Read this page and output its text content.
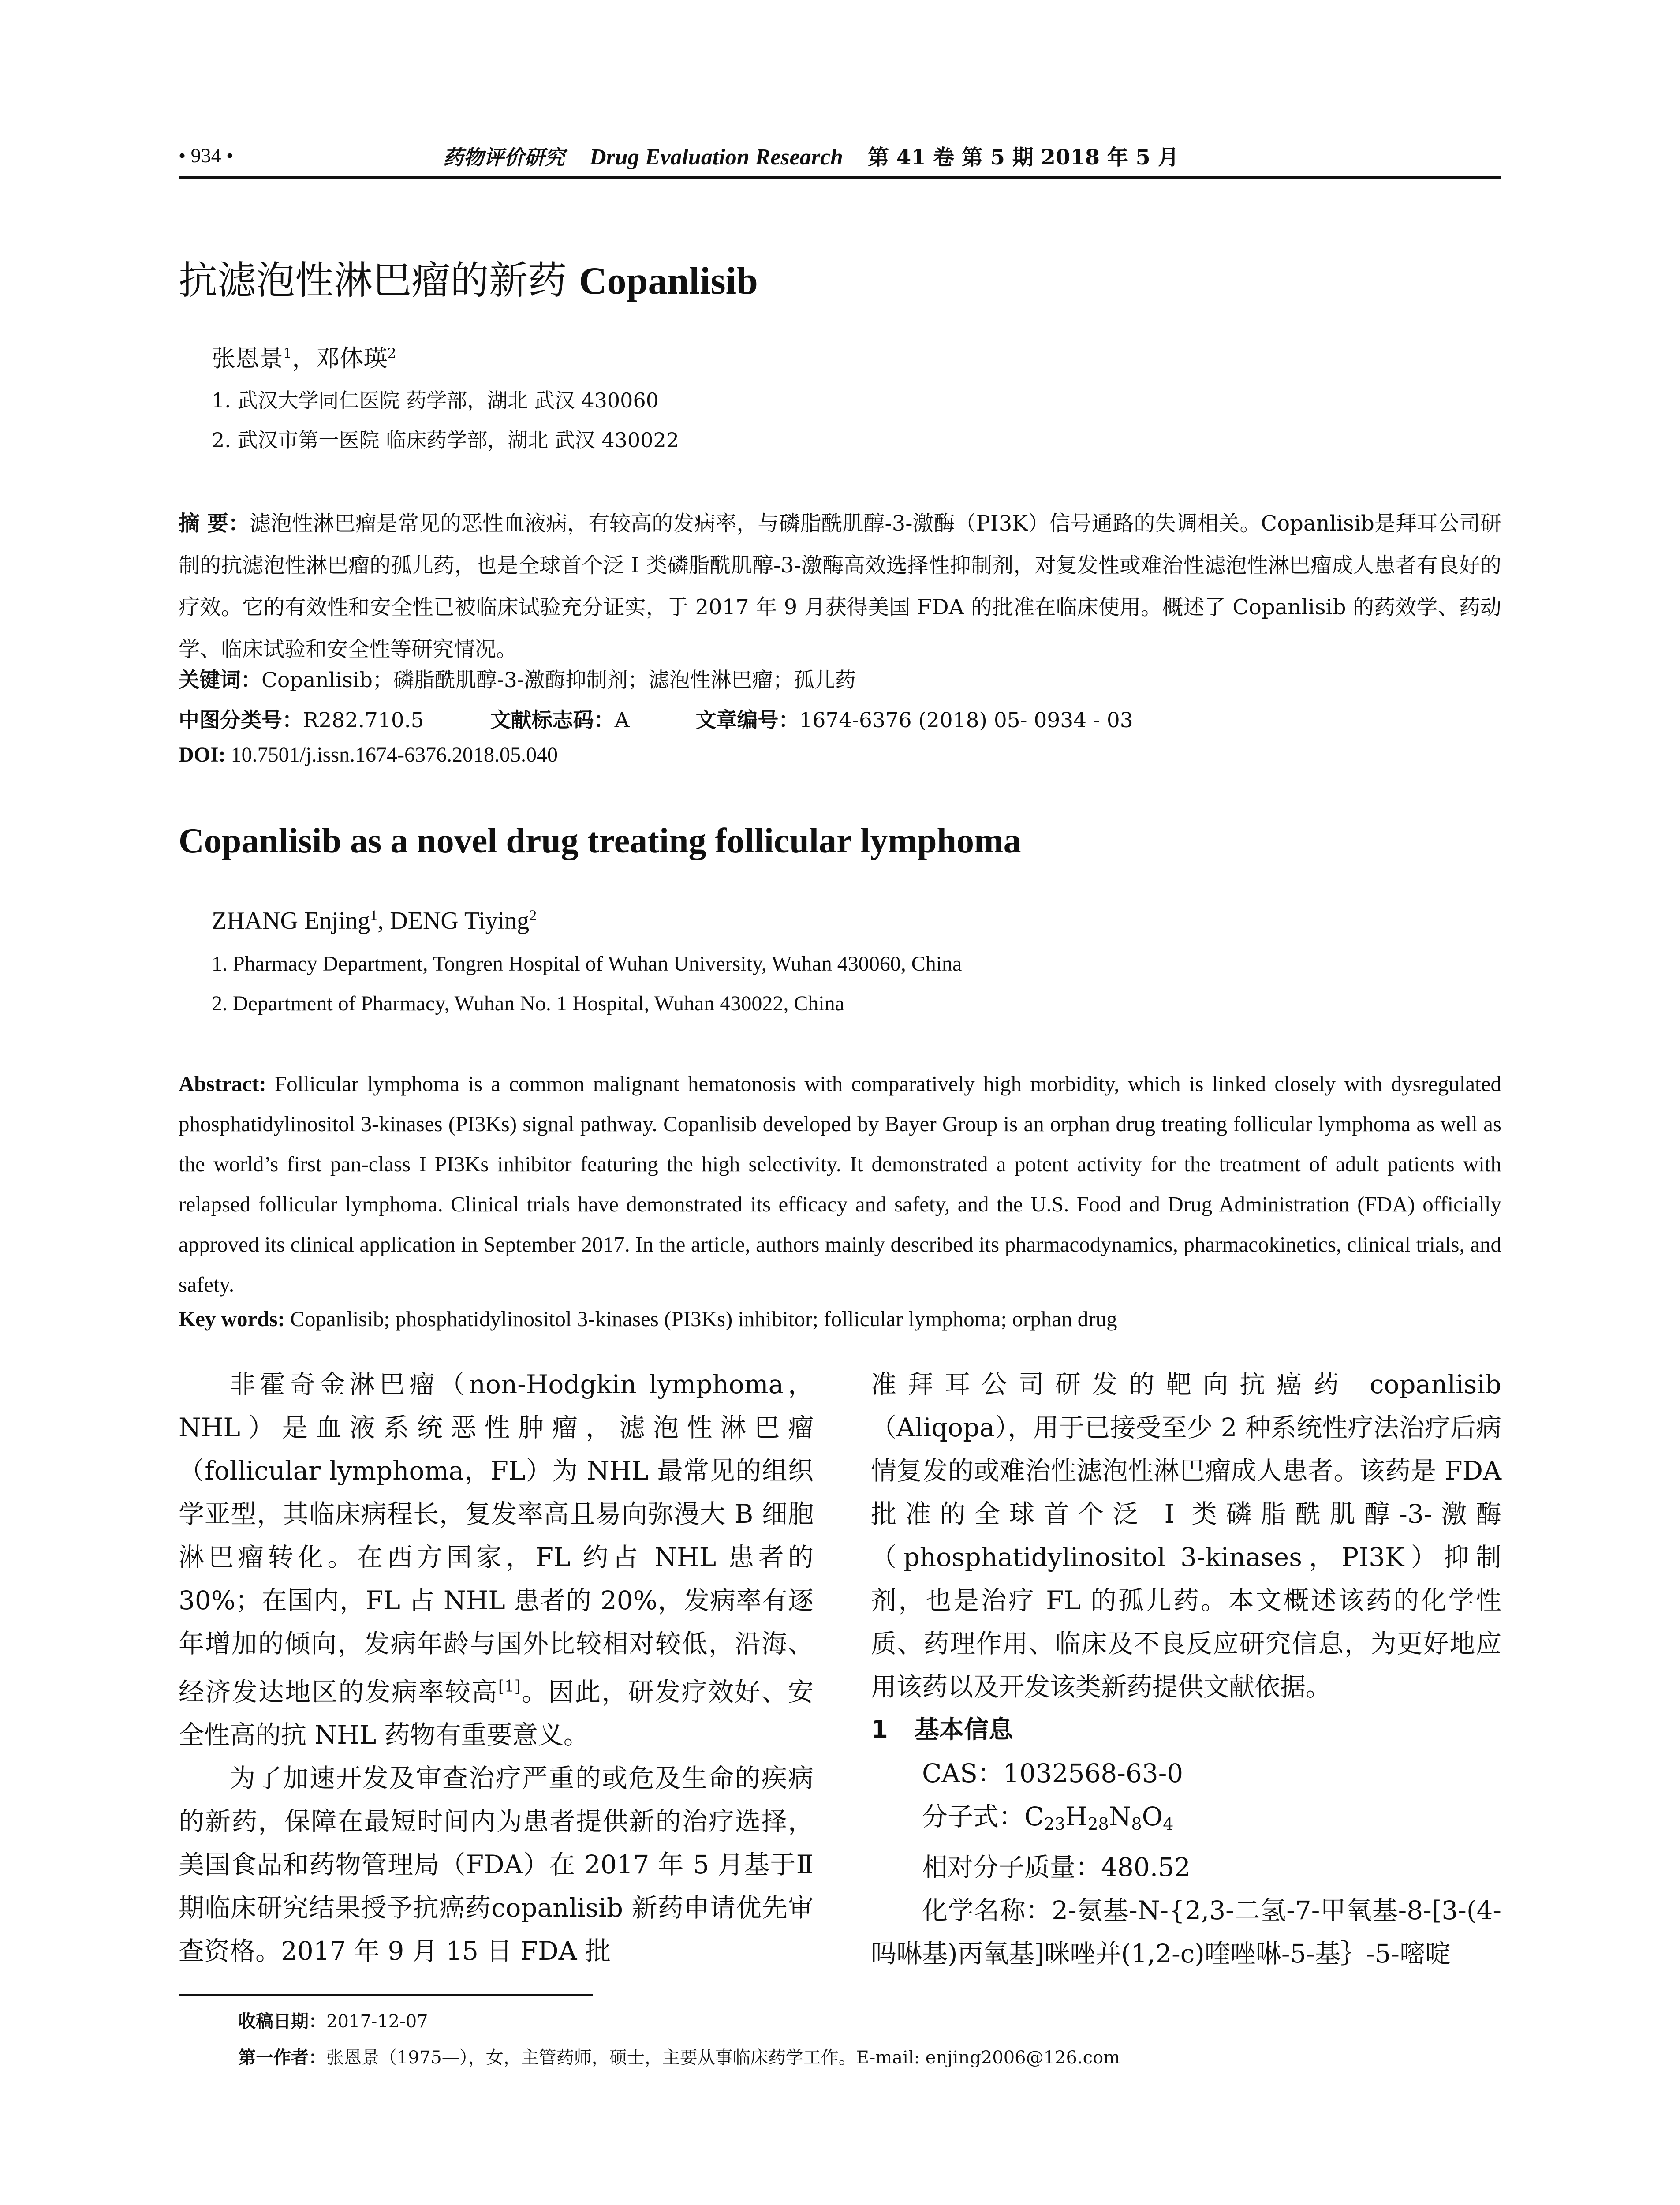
• 934 •	药物评价研究 Drug Evaluation Research 第 41 卷 第 5 期 2018 年 5 月
抗滤泡性淋巴瘤的新药 Copanlisib
张恩景$^1$，邓体瑛$^2$
1. 武汉大学同仁医院 药学部，湖北 武汉 430060
2. 武汉市第一医院 临床药学部，湖北 武汉 430022
摘 要：滤泡性淋巴瘤是常见的恶性血液病，有较高的发病率，与磷脂酰肌醇-3-激酶（PI3K）信号通路的失调相关。Copanlisib是拜耳公司研制的抗滤泡性淋巴瘤的孤儿药，也是全球首个泛 I 类磷脂酰肌醇-3-激酶高效选择性抑制剂，对复发性或难治性滤泡性淋巴瘤成人患者有良好的疗效。它的有效性和安全性已被临床试验充分证实，于 2017 年 9 月获得美国 FDA 的批准在临床使用。概述了 Copanlisib 的药效学、药动学、临床试验和安全性等研究情况。
关键词：Copanlisib；磷脂酰肌醇-3-激酶抑制剂；滤泡性淋巴瘤；孤儿药
中图分类号：R282.710.5	文献标志码：A	文章编号：1674-6376 (2018) 05- 0934 - 03
DOI: 10.7501/j.issn.1674-6376.2018.05.040
Copanlisib as a novel drug treating follicular lymphoma
ZHANG Enjing$^1$, DENG Tiying$^2$
1. Pharmacy Department, Tongren Hospital of Wuhan University, Wuhan 430060, China
2. Department of Pharmacy, Wuhan No. 1 Hospital, Wuhan 430022, China
Abstract: Follicular lymphoma is a common malignant hematonosis with comparatively high morbidity, which is linked closely with dysregulated phosphatidylinositol 3-kinases (PI3Ks) signal pathway. Copanlisib developed by Bayer Group is an orphan drug treating follicular lymphoma as well as the world’s first pan-class I PI3Ks inhibitor featuring the high selectivity. It demonstrated a potent activity for the treatment of adult patients with relapsed follicular lymphoma. Clinical trials have demonstrated its efficacy and safety, and the U.S. Food and Drug Administration (FDA) officially approved its clinical application in September 2017. In the article, authors mainly described its pharmacodynamics, pharmacokinetics, clinical trials, and safety.
Key words: Copanlisib; phosphatidylinositol 3-kinases (PI3Ks) inhibitor; follicular lymphoma; orphan drug

非霍奇金淋巴瘤（non-Hodgkin lymphoma，NHL）是血液系统恶性肿瘤，滤泡性淋巴瘤（follicular lymphoma，FL）为 NHL 最常见的组织学亚型，其临床病程长，复发率高且易向弥漫大 B 细胞淋巴瘤转化。在西方国家，FL 约占 NHL 患者的 30%；在国内，FL 占 NHL 患者的 20%，发病率有逐年增加的倾向，发病年龄与国外比较相对较低，沿海、经济发达地区的发病率较高[1]。因此，研发疗效好、安全性高的抗 NHL 药物有重要意义。

为了加速开发及审查治疗严重的或危及生命的疾病的新药，保障在最短时间内为患者提供新的治疗选择，美国食品和药物管理局（FDA）在 2017 年 5 月基于Ⅱ期临床研究结果授予抗癌药copanlisib 新药申请优先审查资格。2017 年 9 月 15 日 FDA 批

准拜耳公司研发的靶向抗癌药 copanlisib（Aliqopa），用于已接受至少 2 种系统性疗法治疗后病情复发的或难治性滤泡性淋巴瘤成人患者。该药是 FDA 批准的全球首个泛 I 类磷脂酰肌醇-3-激酶（phosphatidylinositol 3-kinases，PI3K）抑制剂，也是治疗 FL 的孤儿药。本文概述该药的化学性质、药理作用、临床及不良反应研究信息，为更好地应用该药以及开发该类新药提供文献依据。

1 基本信息
CAS：1032568-63-0
分子式：$C_{23}H_{28}N_8O_4$
相对分子质量：480.52
化学名称：2-氨基-N-{2,3-二氢-7-甲氧基-8-[3-(4-吗啉基)丙氧基]咪唑并(1,2-c)喹唑啉-5-基｝-5-嘧啶
收稿日期：2017-12-07
第一作者：张恩景（1975—），女，主管药师，硕士，主要从事临床药学工作。E-mail: enjing2006@126.com
